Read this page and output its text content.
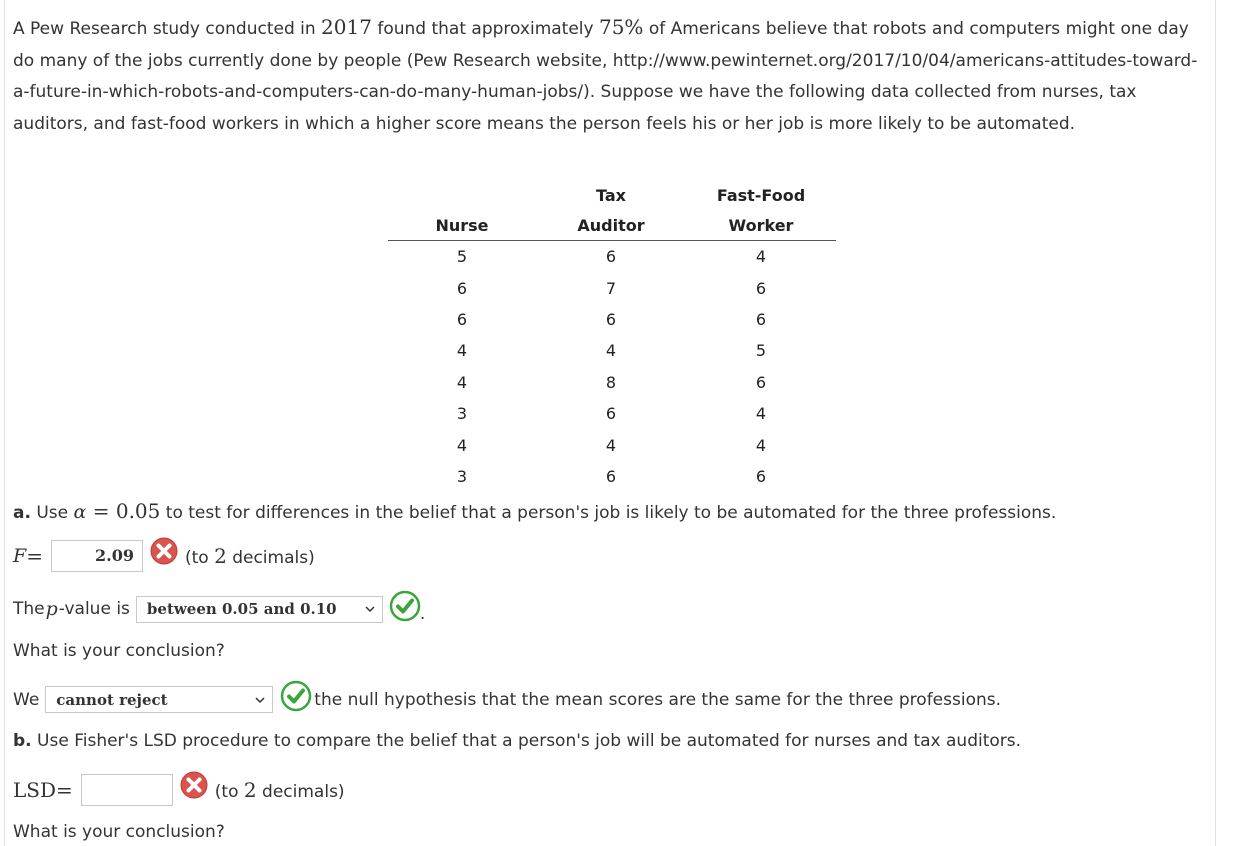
A Pew Research study conducted in 2017 found that approximately 75% of Americans believe that robots and computers might one day do many of the jobs currently done by people (Pew Research website, http://www.pewinternet.org/2017/10/04/americans-attitudes-toward-a-future-in-which-robots-and-computers-can-do-many-human-jobs/). Suppose we have the following data collected from nurses, tax auditors, and fast-food workers in which a higher score means the person feels his or her job is more likely to be automated.
	Tax	Fast-Food
Nurse	Auditor	Worker
5	6	4
6	7	6
6	6	6
4	4	5
4	8	6
3	6	4
4	4	4
3	6	6
a. Use α = 0.05 to test for differences in the belief that a person's job is likely to be automated for the three professions.
F =	2.09	(to 2 decimals)
The p -value is between 0.05 and 0.10	.
What is your conclusion?
We cannot reject	the null hypothesis that the mean scores are the same for the three professions.
b. Use Fisher's LSD procedure to compare the belief that a person's job will be automated for nurses and tax auditors.
LSD =	(to 2 decimals)
What is your conclusion?
